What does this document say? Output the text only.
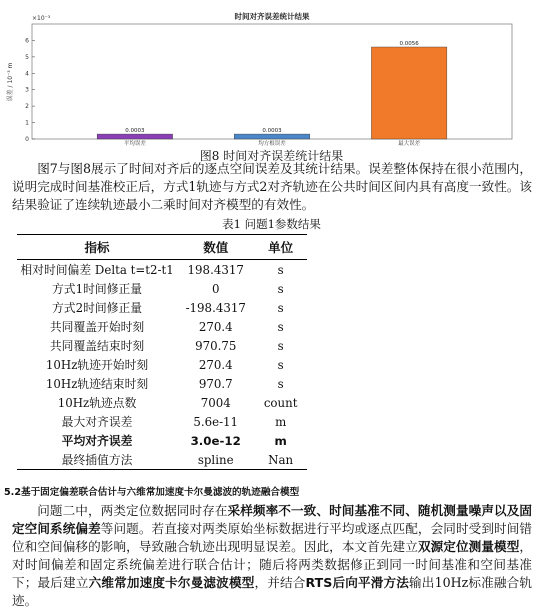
时间对齐误差统计结果
×10⁻³
误差 / 10⁻³ m
0
1
2
3
4
5
6
0.0003
平均误差
0.0003
均方根误差
0.0056
最大误差
图8 时间对齐误差统计结果

图7与图8展示了时间对齐后的逐点空间误差及其统计结果。误差整体保持在很小范围内，说明完成时间基准校正后，方式1轨迹与方式2对齐轨迹在公共时间区间内具有高度一致性。该结果验证了连续轨迹最小二乘时间对齐模型的有效性。

表1 问题1参数结果
指标	数值	单位
相对时间偏差 Delta t=t2-t1	198.4317	s
方式1时间修正量	0	s
方式2时间修正量	-198.4317	s
共同覆盖开始时刻	270.4	s
共同覆盖结束时刻	970.75	s
10Hz轨迹开始时刻	270.4	s
10Hz轨迹结束时刻	970.7	s
10Hz轨迹点数	7004	count
最大对齐误差	5.6e-11	m
平均对齐误差	3.0e-12	m
最终插值方法	spline	Nan
5.2基于固定偏差联合估计与六维常加速度卡尔曼滤波的轨迹融合模型

问题二中，两类定位数据同时存在采样频率不一致、时间基准不同、随机测量噪声以及固定空间系统偏差等问题。若直接对两类原始坐标数据进行平均或逐点匹配，会同时受到时间错位和空间偏移的影响，导致融合轨迹出现明显误差。因此，本文首先建立双源定位测量模型，对时间偏差和固定系统偏差进行联合估计；随后将两类数据修正到同一时间基准和空间基准下；最后建立六维常加速度卡尔曼滤波模型，并结合RTS后向平滑方法输出10Hz标准融合轨迹。
